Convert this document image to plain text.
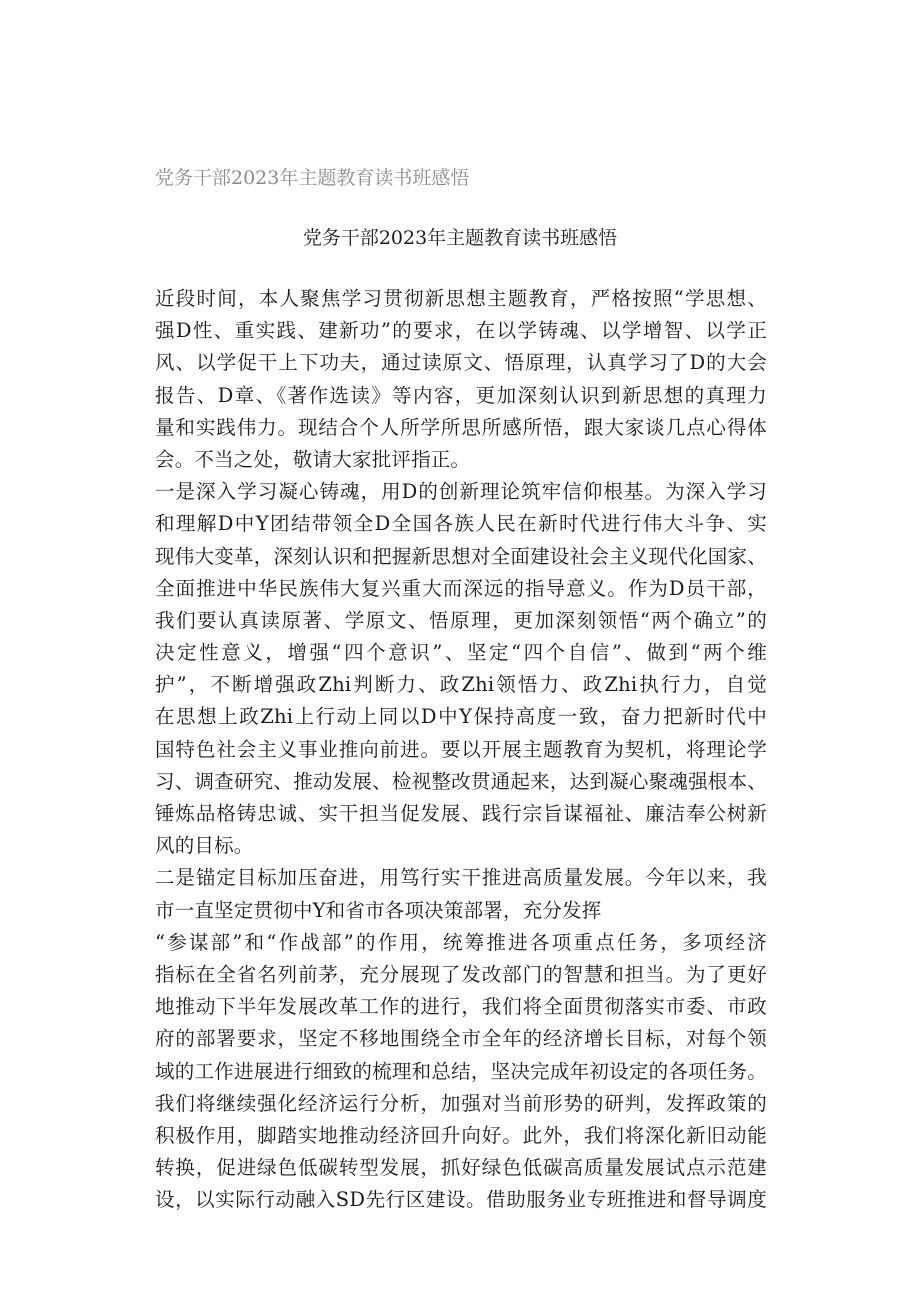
党务干部2023年主题教育读书班感悟
党务干部2023年主题教育读书班感悟
近段时间，本人聚焦学习贯彻新思想主题教育，严格按照“学思想、
强D性、重实践、建新功”的要求，在以学铸魂、以学增智、以学正
风、以学促干上下功夫，通过读原文、悟原理，认真学习了D的大会
报告、D章、《著作选读》等内容，更加深刻认识到新思想的真理力
量和实践伟力。现结合个人所学所思所感所悟，跟大家谈几点心得体
会。不当之处，敬请大家批评指正。
一是深入学习凝心铸魂，用D的创新理论筑牢信仰根基。为深入学习
和理解D中Y团结带领全D全国各族人民在新时代进行伟大斗争、实
现伟大变革，深刻认识和把握新思想对全面建设社会主义现代化国家、
全面推进中华民族伟大复兴重大而深远的指导意义。作为D员干部，
我们要认真读原著、学原文、悟原理，更加深刻领悟“两个确立”的
决定性意义，增强“四个意识”、坚定“四个自信”、做到“两个维
护”，不断增强政Zhi判断力、政Zhi领悟力、政Zhi执行力，自觉
在思想上政Zhi上行动上同以D中Y保持高度一致，奋力把新时代中
国特色社会主义事业推向前进。要以开展主题教育为契机，将理论学
习、调查研究、推动发展、检视整改贯通起来，达到凝心聚魂强根本、
锤炼品格铸忠诚、实干担当促发展、践行宗旨谋福祉、廉洁奉公树新
风的目标。
二是锚定目标加压奋进，用笃行实干推进高质量发展。今年以来，我
市一直坚定贯彻中Y和省市各项决策部署，充分发挥
“参谋部”和“作战部”的作用，统筹推进各项重点任务，多项经济
指标在全省名列前茅，充分展现了发改部门的智慧和担当。为了更好
地推动下半年发展改革工作的进行，我们将全面贯彻落实市委、市政
府的部署要求，坚定不移地围绕全市全年的经济增长目标，对每个领
域的工作进展进行细致的梳理和总结，坚决完成年初设定的各项任务。
我们将继续强化经济运行分析，加强对当前形势的研判，发挥政策的
积极作用，脚踏实地推动经济回升向好。此外，我们将深化新旧动能
转换，促进绿色低碳转型发展，抓好绿色低碳高质量发展试点示范建
设，以实际行动融入SD先行区建设。借助服务业专班推进和督导调度
